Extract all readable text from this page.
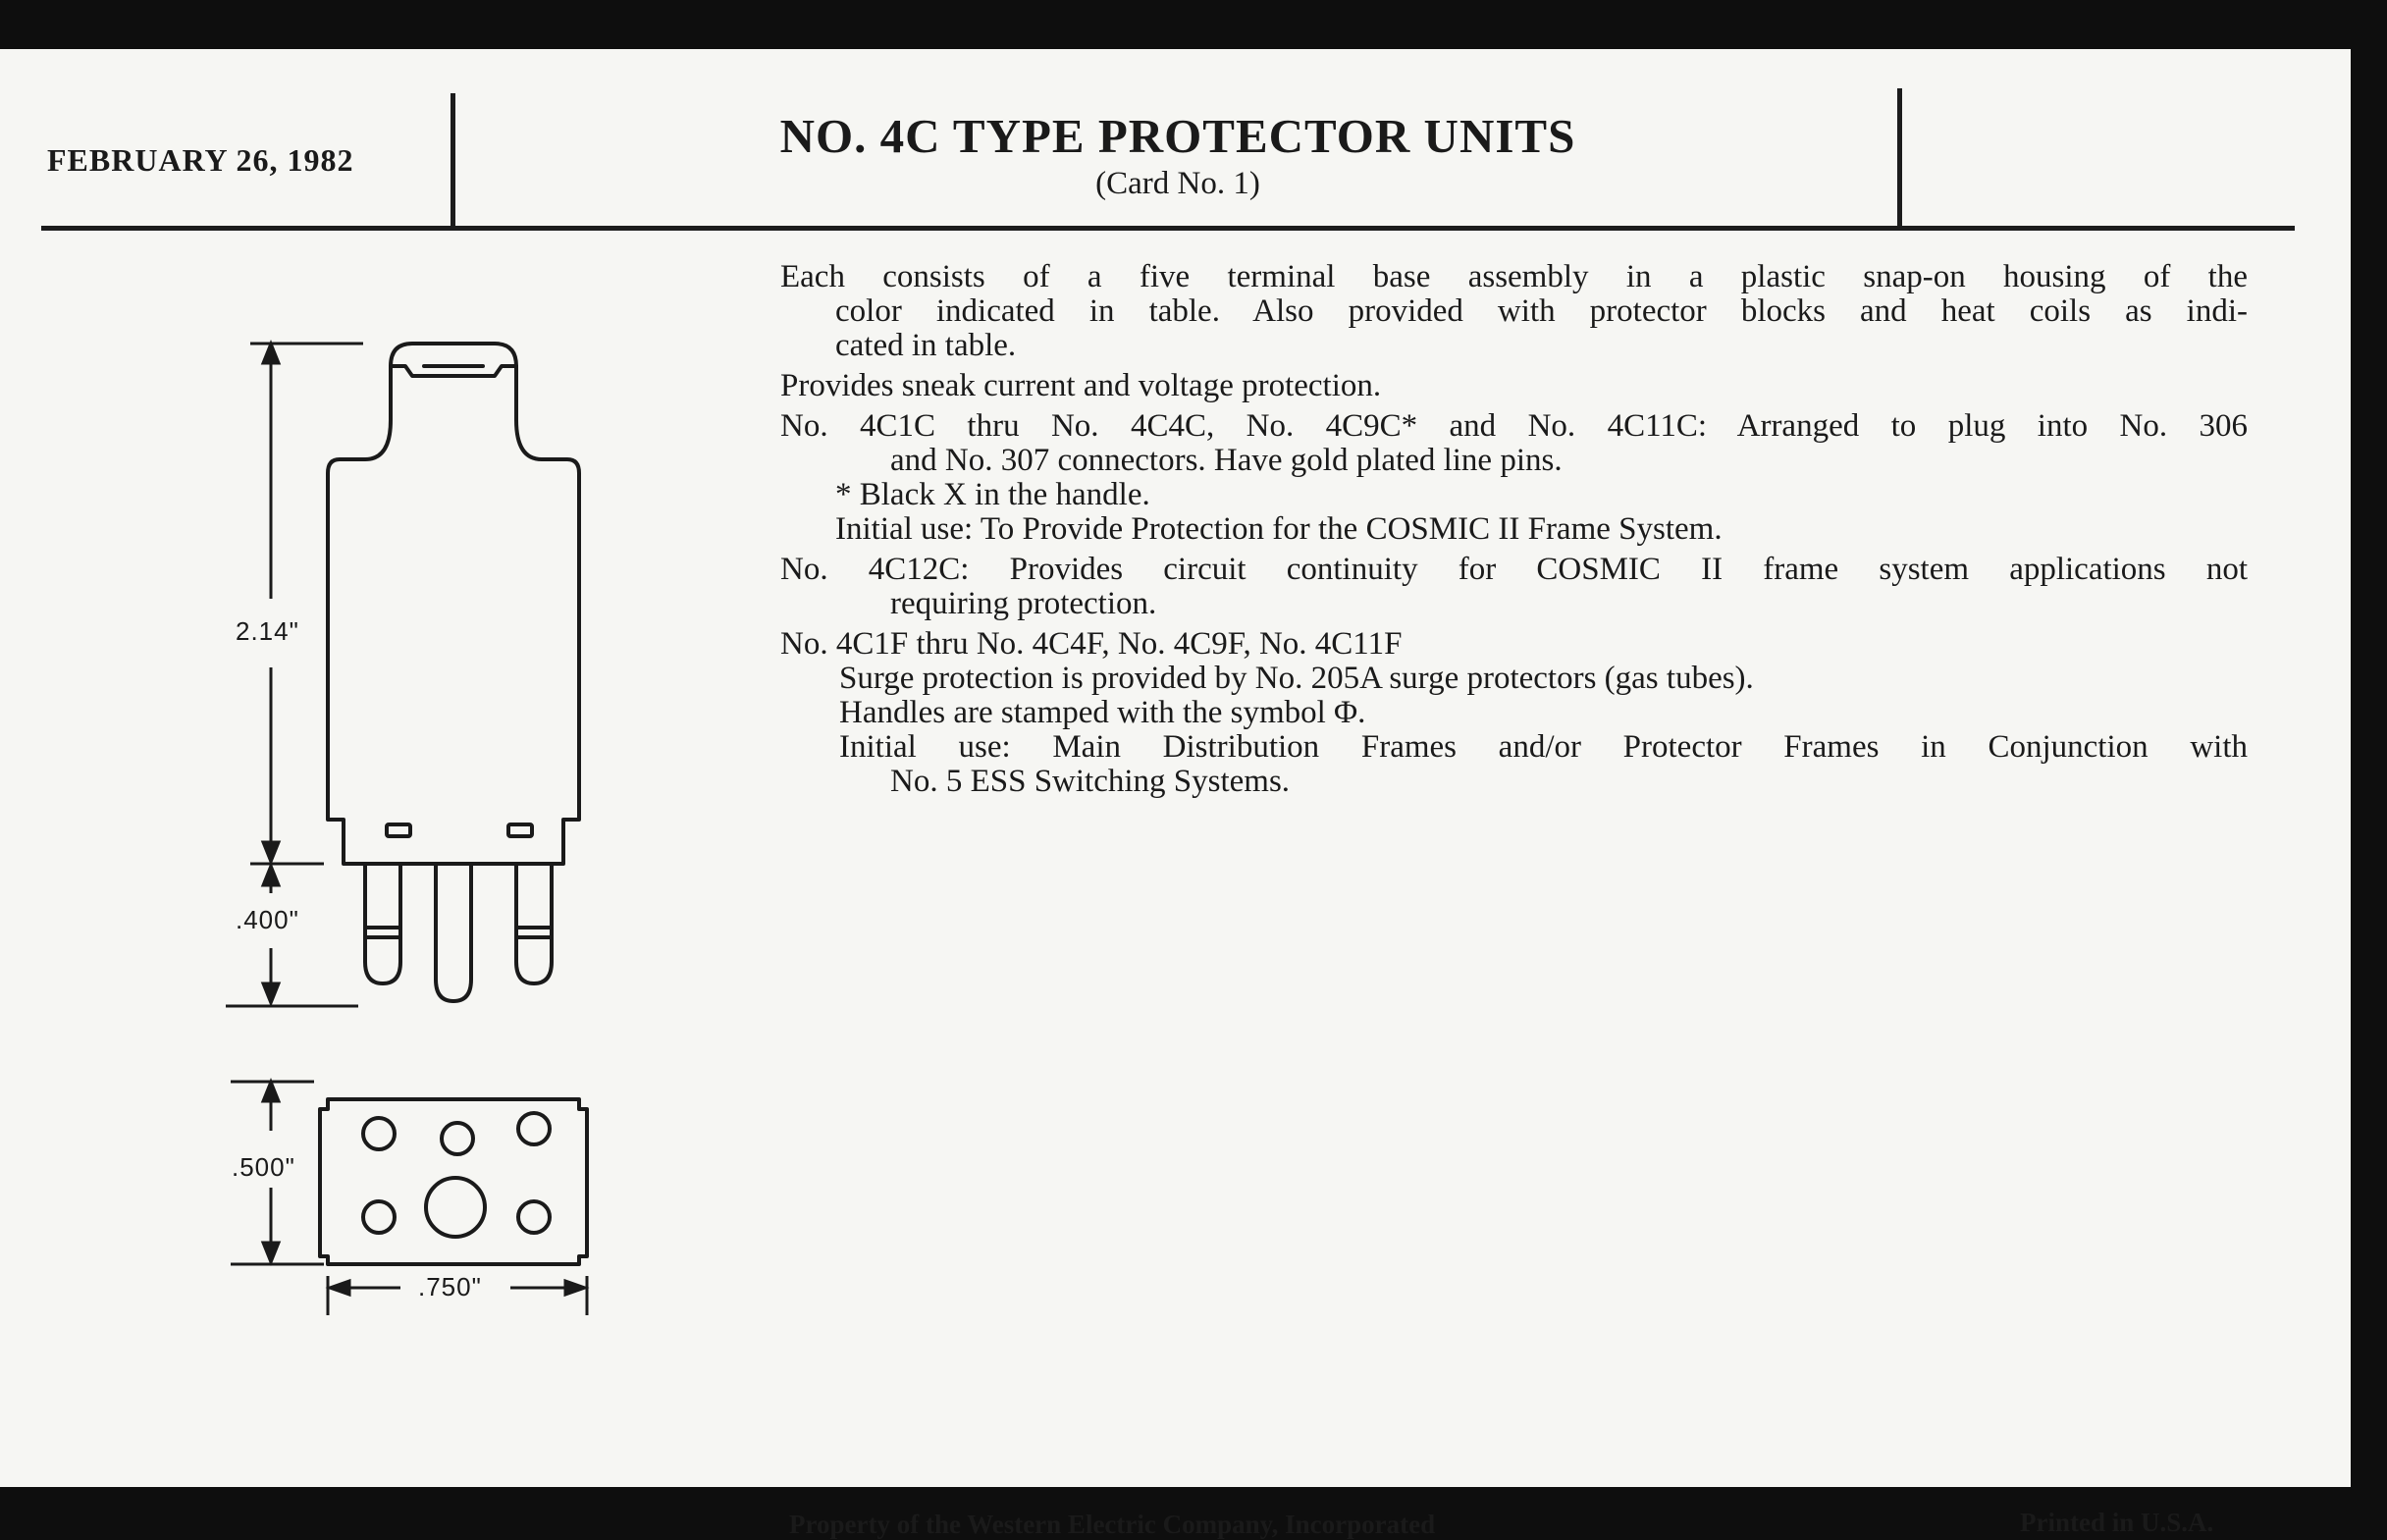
FEBRUARY 26, 1982	NO. 4C TYPE PROTECTOR UNITS
(Card No. 1)
2.14"
.400"
.500"
.750"
Each consists of a five terminal base assembly in a plastic snap-on housing of the
color indicated in table. Also provided with protector blocks and heat coils as indi-
cated in table.
Provides sneak current and voltage protection.
No. 4C1C thru No. 4C4C, No. 4C9C* and No. 4C11C: Arranged to plug into No. 306
and No. 307 connectors. Have gold plated line pins.
* Black X in the handle.
Initial use: To Provide Protection for the COSMIC II Frame System.
No. 4C12C: Provides circuit continuity for COSMIC II frame system applications not
requiring protection.
No. 4C1F thru No. 4C4F, No. 4C9F, No. 4C11F
Surge protection is provided by No. 205A surge protectors (gas tubes).
Handles are stamped with the symbol Φ.
Initial use: Main Distribution Frames and/or Protector Frames in Conjunction with
No. 5 ESS Switching Systems.
Property of the Western Electric Company, Incorporated	Printed in U.S.A.
